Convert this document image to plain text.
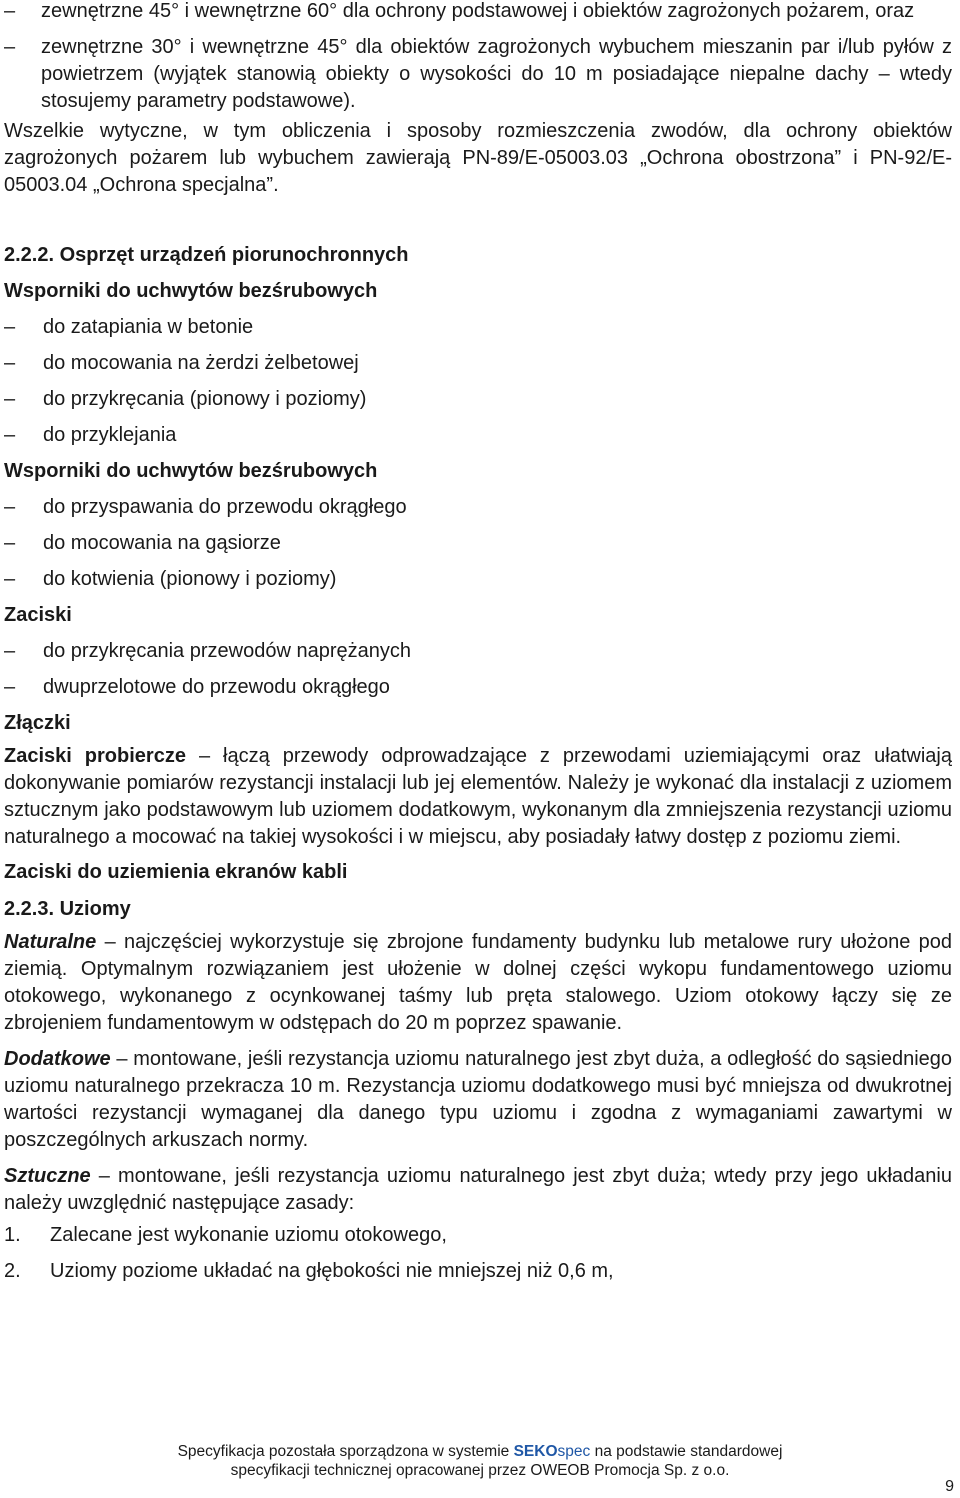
–	zewnętrzne 45° i wewnętrzne 60° dla ochrony podstawowej i obiektów zagrożonych pożarem, oraz
–	zewnętrzne 30° i wewnętrzne 45° dla obiektów zagrożonych wybuchem mieszanin par i/lub pyłów z powietrzem (wyjątek stanowią obiekty o wysokości do 10 m posiadające niepalne dachy – wtedy stosujemy parametry podstawowe).

Wszelkie wytyczne, w tym obliczenia i sposoby rozmieszczenia zwodów, dla ochrony obiektów zagrożonych pożarem lub wybuchem zawierają PN-89/E-05003.03 „Ochrona obostrzona” i PN-92/E-05003.04 „Ochrona specjalna”.

2.2.2. Osprzęt urządzeń piorunochronnych

Wsporniki do uchwytów bezśrubowych

–	do zatapiania w betonie
–	do mocowania na żerdzi żelbetowej
–	do przykręcania (pionowy i poziomy)
–	do przyklejania

Wsporniki do uchwytów bezśrubowych

–	do przyspawania do przewodu okrągłego
–	do mocowania na gąsiorze
–	do kotwienia (pionowy i poziomy)

Zaciski

–	do przykręcania przewodów naprężanych
–	dwuprzelotowe do przewodu okrągłego

Złączki

Zaciski probiercze – łączą przewody odprowadzające z przewodami uziemiającymi oraz ułatwiają dokonywanie pomiarów rezystancji instalacji lub jej elementów. Należy je wykonać dla instalacji z uziomem sztucznym jako podstawowym lub uziomem dodatkowym, wykonanym dla zmniejszenia rezystancji uziomu naturalnego a mocować na takiej wysokości i w miejscu, aby posiadały łatwy dostęp z poziomu ziemi.

Zaciski do uziemienia ekranów kabli

2.2.3. Uziomy

Naturalne – najczęściej wykorzystuje się zbrojone fundamenty budynku lub metalowe rury ułożone pod ziemią. Optymalnym rozwiązaniem jest ułożenie w dolnej części wykopu fundamentowego uziomu otokowego, wykonanego z ocynkowanej taśmy lub pręta stalowego. Uziom otokowy łączy się ze zbrojeniem fundamentowym w odstępach do 20 m poprzez spawanie.

Dodatkowe – montowane, jeśli rezystancja uziomu naturalnego jest zbyt duża, a odległość do sąsiedniego uziomu naturalnego przekracza 10 m. Rezystancja uziomu dodatkowego musi być mniejsza od dwukrotnej wartości rezystancji wymaganej dla danego typu uziomu i zgodna z wymaganiami zawartymi w poszczególnych arkuszach normy.

Sztuczne – montowane, jeśli rezystancja uziomu naturalnego jest zbyt duża; wtedy przy jego układaniu należy uwzględnić następujące zasady:

1.	Zalecane jest wykonanie uziomu otokowego,
2.	Uziomy poziome układać na głębokości nie mniejszej niż 0,6 m,
Specyfikacja pozostała sporządzona w systemie SEKOspec na podstawie standardowej
specyfikacji technicznej opracowanej przez OWEOB Promocja Sp. z o.o.
9
